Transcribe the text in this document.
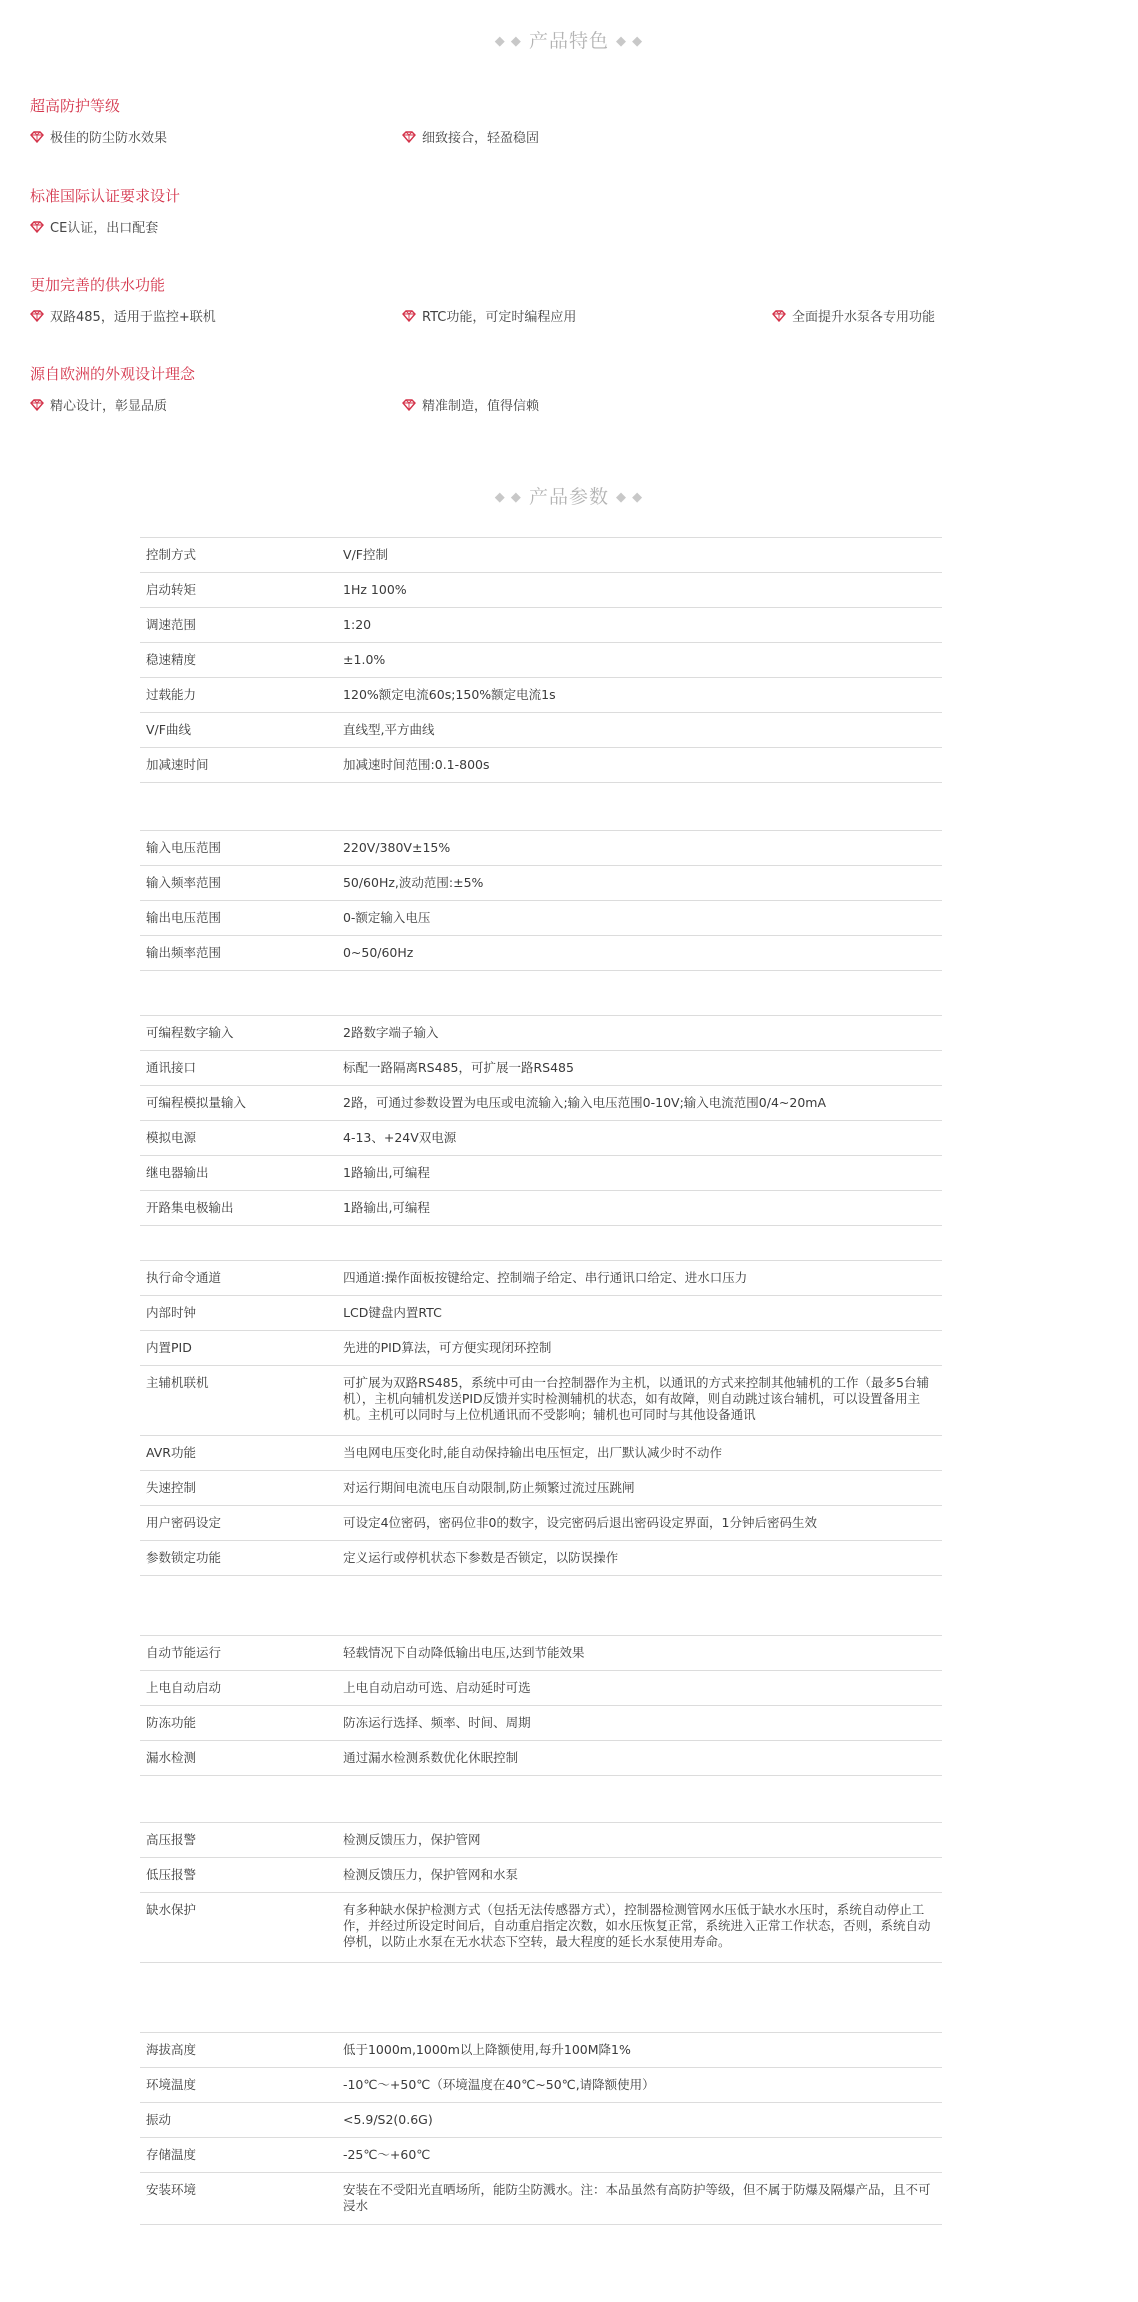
◆ ◆ 产品特色 ◆ ◆
超高防护等级
极佳的防尘防水效果	细致接合，轻盈稳固
标准国际认证要求设计
CE认证，出口配套
更加完善的供水功能
双路485，适用于监控+联机	RTC功能，可定时编程应用	全面提升水泵各专用功能
源自欧洲的外观设计理念
精心设计，彰显品质	精准制造，值得信赖
◆ ◆ 产品参数 ◆ ◆
控制方式	V/F控制

启动转矩	1Hz 100%

调速范围	1:20

稳速精度	±1.0%

过载能力	120%额定电流60s;150%额定电流1s

V/F曲线	直线型,平方曲线

加减速时间	加减速时间范围:0.1-800s
输入电压范围	220V/380V±15%

输入频率范围	50/60Hz,波动范围:±5%

输出电压范围	0-额定输入电压

输出频率范围	0~50/60Hz
可编程数字输入	2路数字端子输入

通讯接口	标配一路隔离RS485，可扩展一路RS485

可编程模拟量输入	2路，可通过参数设置为电压或电流输入;输入电压范围0-10V;输入电流范围0/4~20mA

模拟电源	4-13、+24V双电源

继电器输出	1路输出,可编程

开路集电极输出	1路输出,可编程
执行命令通道	四通道:操作面板按键给定、控制端子给定、串行通讯口给定、进水口压力

内部时钟	LCD键盘内置RTC

内置PID	先进的PID算法，可方便实现闭环控制

主辅机联机	可扩展为双路RS485，系统中可由一台控制器作为主机，以通讯的方式来控制其他辅机的工作（最多5台辅机），主机向辅机发送PID反馈并实时检测辅机的状态，如有故障，则自动跳过该台辅机，可以设置备用主机。主机可以同时与上位机通讯而不受影响；辅机也可同时与其他设备通讯

AVR功能	当电网电压变化时,能自动保持输出电压恒定，出厂默认减少时不动作

失速控制	对运行期间电流电压自动限制,防止频繁过流过压跳闸

用户密码设定	可设定4位密码，密码位非0的数字，设完密码后退出密码设定界面，1分钟后密码生效

参数锁定功能	定义运行或停机状态下参数是否锁定，以防误操作
自动节能运行	轻载情况下自动降低输出电压,达到节能效果

上电自动启动	上电自动启动可选、启动延时可选

防冻功能	防冻运行选择、频率、时间、周期

漏水检测	通过漏水检测系数优化休眠控制
高压报警	检测反馈压力，保护管网

低压报警	检测反馈压力，保护管网和水泵

缺水保护	有多种缺水保护检测方式（包括无法传感器方式），控制器检测管网水压低于缺水水压时，系统自动停止工作，并经过所设定时间后，自动重启指定次数，如水压恢复正常，系统进入正常工作状态，否则，系统自动停机，以防止水泵在无水状态下空转，最大程度的延长水泵使用寿命。
海拔高度	低于1000m,1000m以上降额使用,每升100M降1%

环境温度	-10℃～+50℃（环境温度在40℃~50℃,请降额使用）

振动	<5.9/S2(0.6G)

存储温度	-25℃～+60℃

安装环境	安装在不受阳光直晒场所，能防尘防溅水。注：本品虽然有高防护等级，但不属于防爆及隔爆产品，且不可浸水
